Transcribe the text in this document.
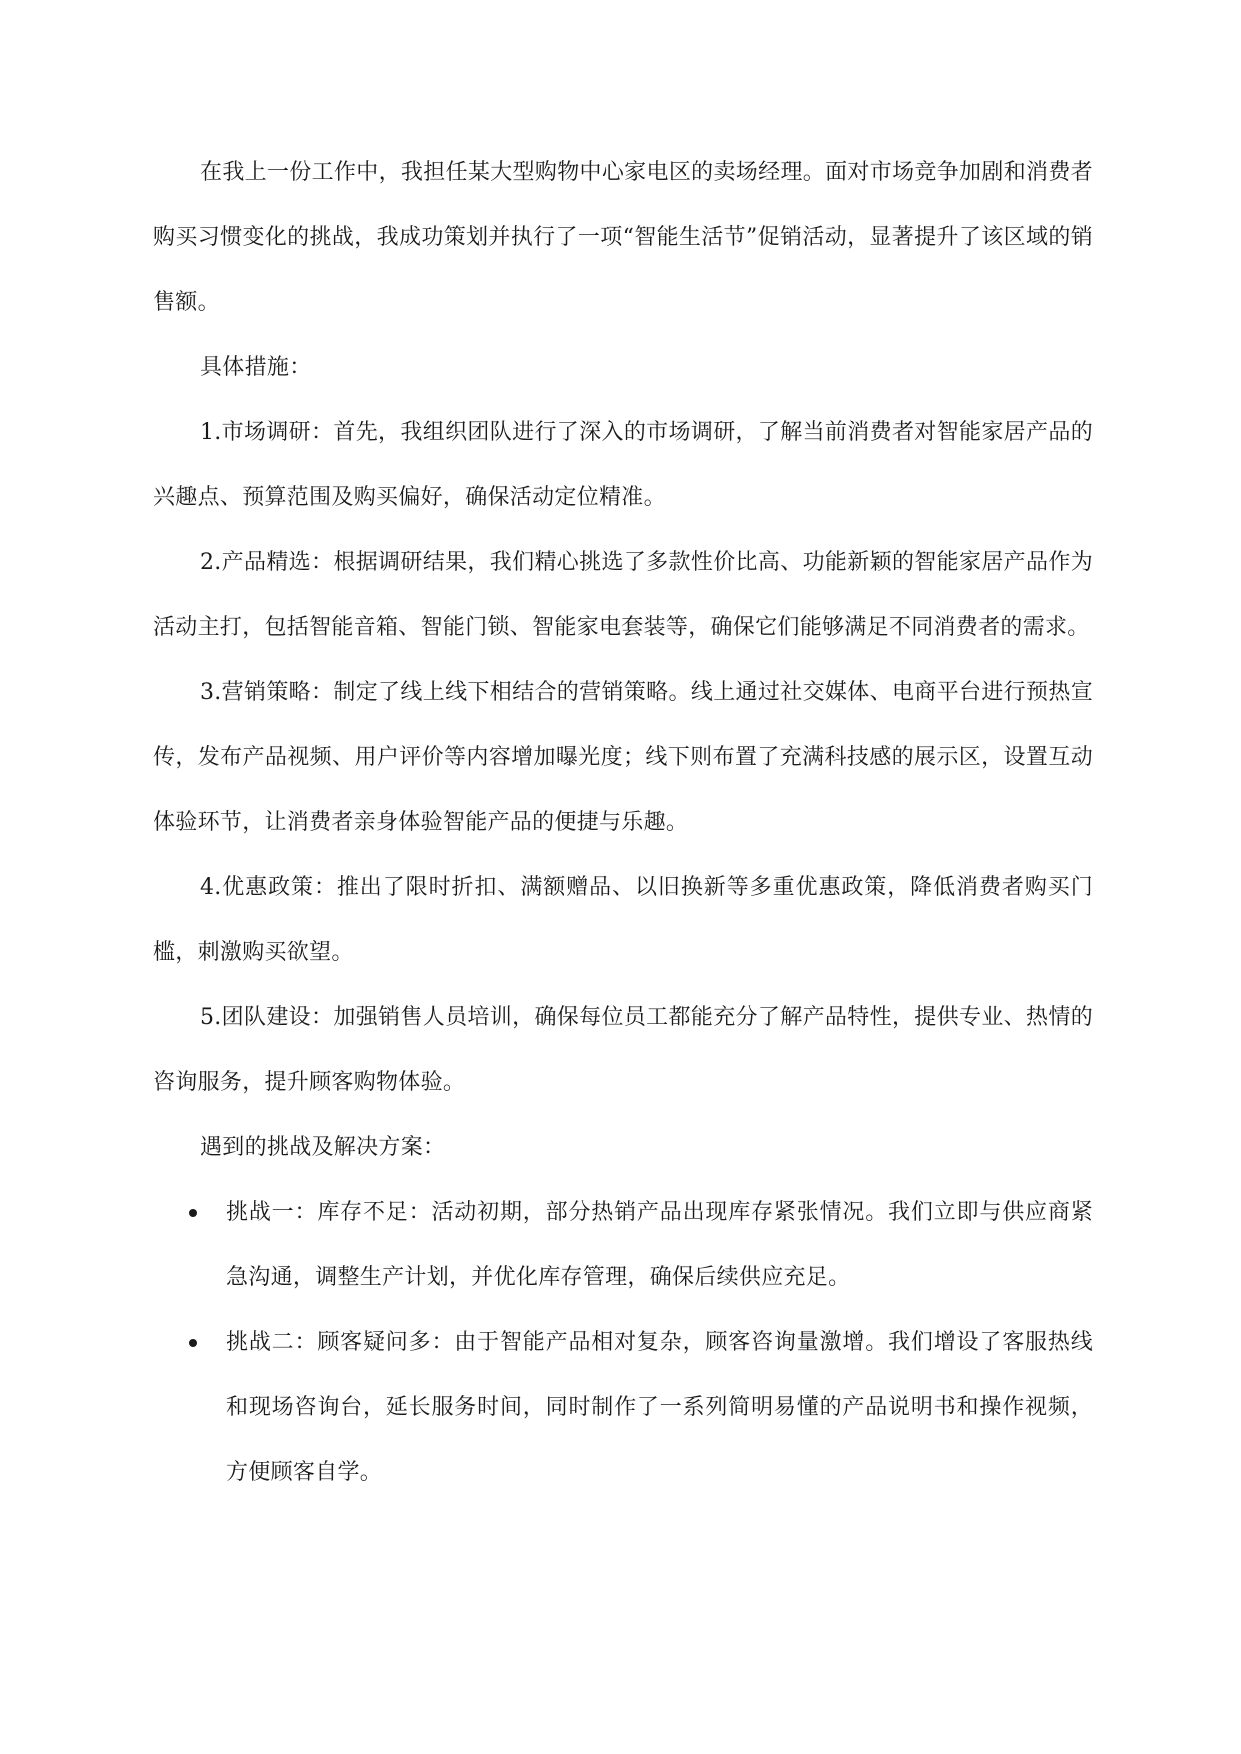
在我上一份工作中，我担任某大型购物中心家电区的卖场经理。面对市场竞争加剧和消费者购买习惯变化的挑战，我成功策划并执行了一项“智能生活节”促销活动，显著提升了该区域的销售额。

具体措施：

1.市场调研：首先，我组织团队进行了深入的市场调研，了解当前消费者对智能家居产品的兴趣点、预算范围及购买偏好，确保活动定位精准。

2.产品精选：根据调研结果，我们精心挑选了多款性价比高、功能新颖的智能家居产品作为活动主打，包括智能音箱、智能门锁、智能家电套装等，确保它们能够满足不同消费者的需求。

3.营销策略：制定了线上线下相结合的营销策略。线上通过社交媒体、电商平台进行预热宣传，发布产品视频、用户评价等内容增加曝光度；线下则布置了充满科技感的展示区，设置互动体验环节，让消费者亲身体验智能产品的便捷与乐趣。

4.优惠政策：推出了限时折扣、满额赠品、以旧换新等多重优惠政策，降低消费者购买门槛，刺激购买欲望。

5.团队建设：加强销售人员培训，确保每位员工都能充分了解产品特性，提供专业、热情的咨询服务，提升顾客购物体验。

遇到的挑战及解决方案：

挑战一：库存不足：活动初期，部分热销产品出现库存紧张情况。我们立即与供应商紧急沟通，调整生产计划，并优化库存管理，确保后续供应充足。
挑战二：顾客疑问多：由于智能产品相对复杂，顾客咨询量激增。我们增设了客服热线和现场咨询台，延长服务时间，同时制作了一系列简明易懂的产品说明书和操作视频，方便顾客自学。
